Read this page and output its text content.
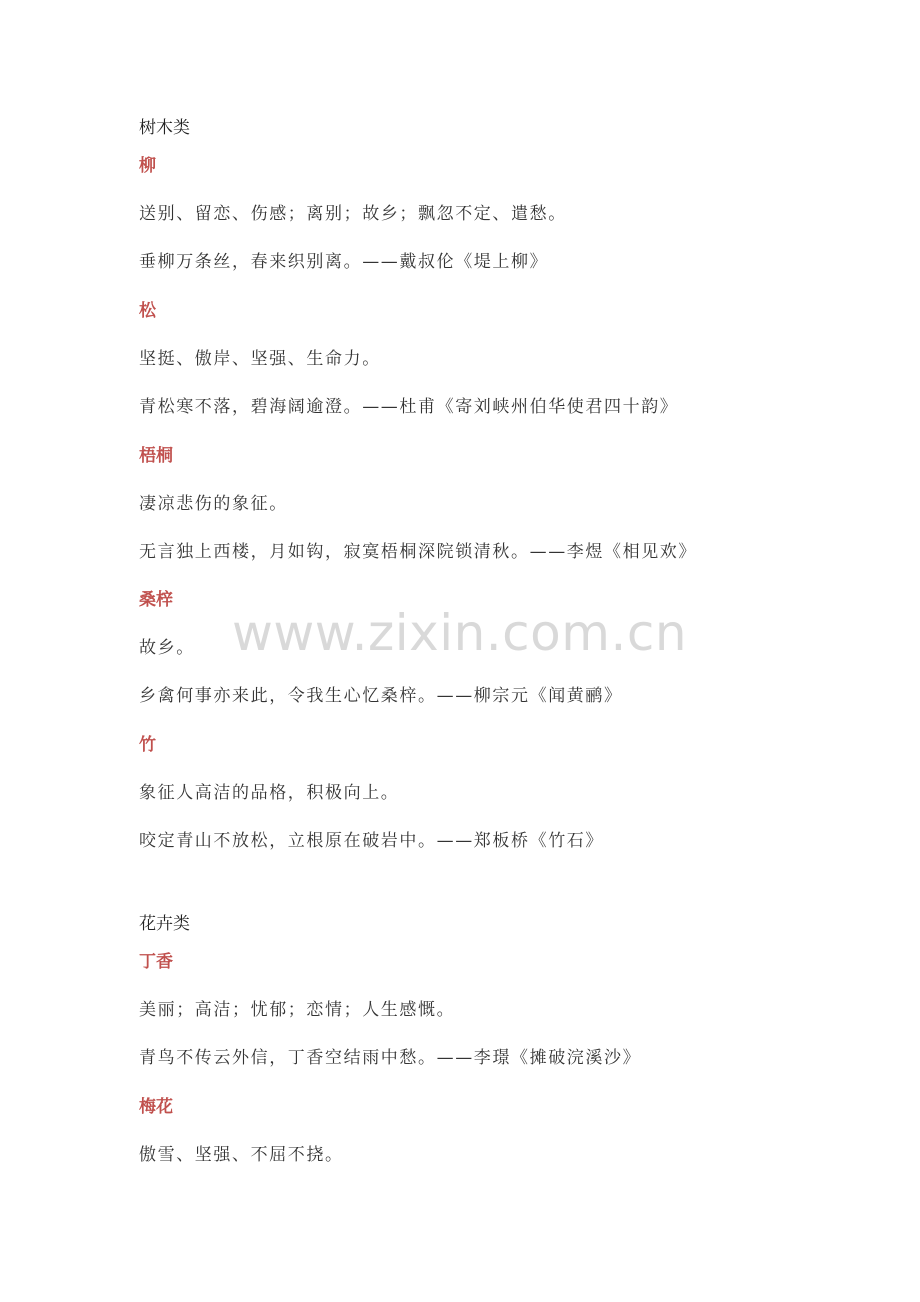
树木类
柳
送别、留恋、伤感；离别；故乡；飘忽不定、遣愁。
垂柳万条丝，春来织别离。——戴叔伦《堤上柳》
松
坚挺、傲岸、坚强、生命力。
青松寒不落，碧海阔逾澄。——杜甫《寄刘峡州伯华使君四十韵》
梧桐
凄凉悲伤的象征。
无言独上西楼，月如钩，寂寞梧桐深院锁清秋。——李煜《相见欢》
桑梓
故乡。
乡禽何事亦来此，令我生心忆桑梓。——柳宗元《闻黄鹂》
竹
象征人高洁的品格，积极向上。
咬定青山不放松，立根原在破岩中。——郑板桥《竹石》
花卉类
丁香
美丽；高洁；忧郁；恋情；人生感慨。
青鸟不传云外信，丁香空结雨中愁。——李璟《摊破浣溪沙》
梅花
傲雪、坚强、不屈不挠。
www.zixin.com.cn
